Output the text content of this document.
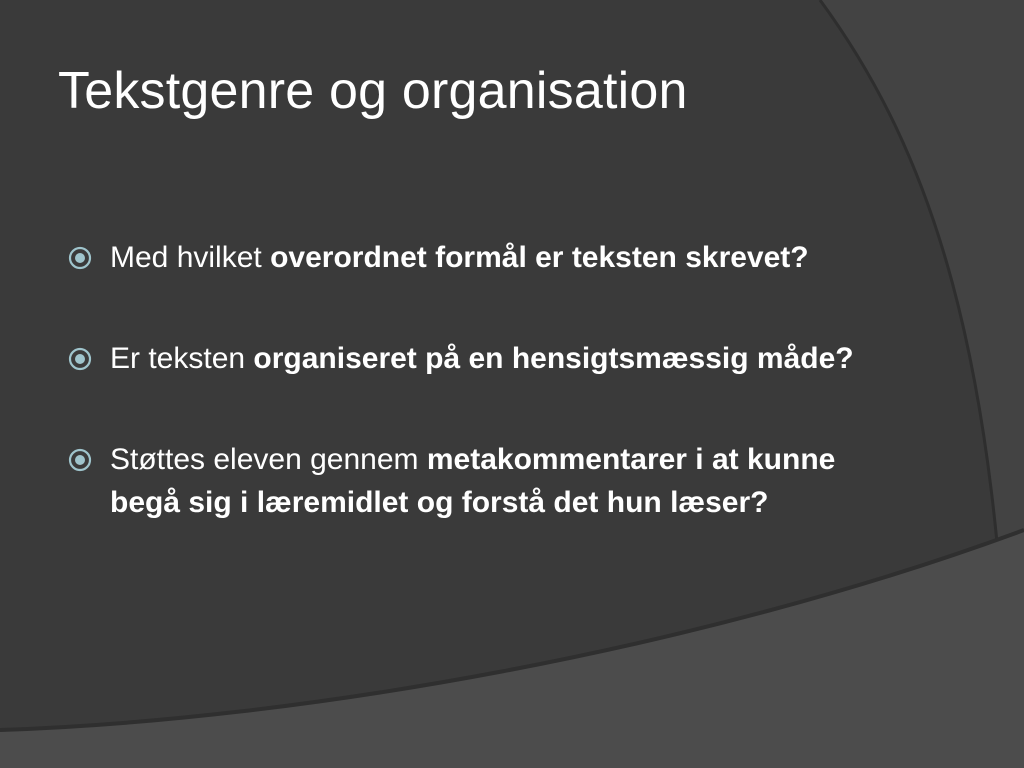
Tekstgenre og organisation
Med hvilket overordnet formål er teksten skrevet?
Er teksten organiseret på en hensigtsmæssig måde?
Støttes eleven gennem metakommentarer i at kunne begå sig i læremidlet og forstå det hun læser?
